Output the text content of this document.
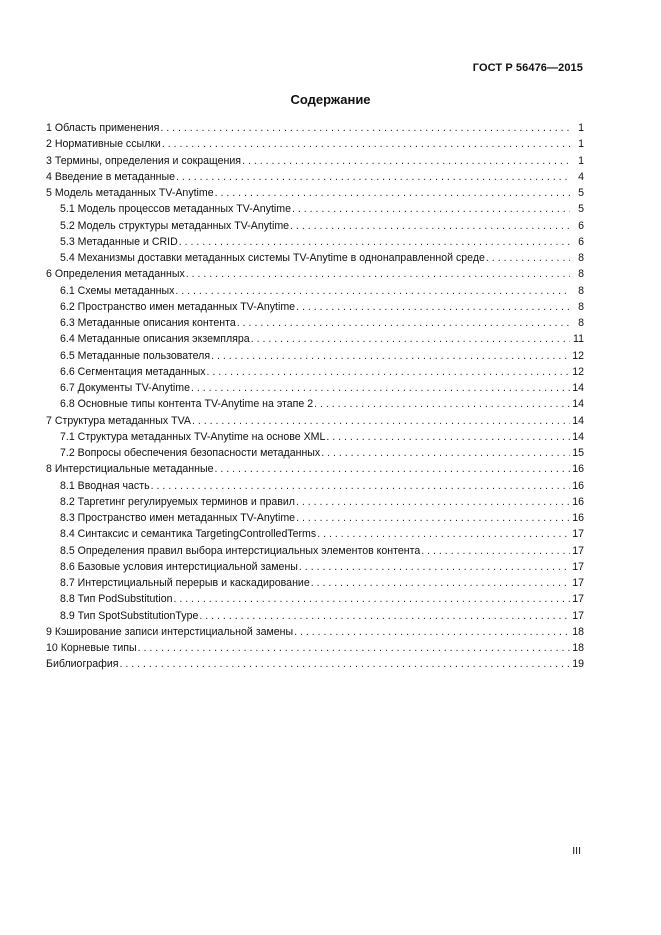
ГОСТ Р 56476—2015
Содержание
1 Область применения . . .	1
2 Нормативные ссылки . . .	1
3 Термины, определения и сокращения . . .	1
4 Введение в метаданные . . .	4
5 Модель метаданных TV-Anytime . . .	5
5.1 Модель процессов метаданных TV-Anytime . . .	5
5.2 Модель структуры метаданных TV-Anytime . . .	6
5.3 Метаданные и CRID . . .	6
5.4 Механизмы доставки метаданных системы TV-Anytime в однонаправленной среде . . .	8
6 Определения метаданных . . .	8
6.1 Схемы метаданных . . .	8
6.2 Пространство имен метаданных TV-Anytime . . .	8
6.3 Метаданные описания контента . . .	8
6.4 Метаданные описания экземпляра . . .	11
6.5 Метаданные пользователя . . .	12
6.6 Сегментация метаданных . . .	12
6.7 Документы TV-Anytime . . .	14
6.8 Основные типы контента TV-Anytime на этапе 2 . . .	14
7 Структура метаданных TVA . . .	14
7.1 Структура метаданных TV-Anytime на основе XML . . .	14
7.2 Вопросы обеспечения безопасности метаданных . . .	15
8 Интерстициальные метаданные . . .	16
8.1 Вводная часть . . .	16
8.2 Таргетинг регулируемых терминов и правил . . .	16
8.3 Пространство имен метаданных TV-Anytime . . .	16
8.4 Синтаксис и семантика TargetingControlledTerms . . .	17
8.5 Определения правил выбора интерстициальных элементов контента . . .	17
8.6 Базовые условия интерстициальной замены . . .	17
8.7 Интерстициальный перерыв и каскадирование . . .	17
8.8 Тип PodSubstitution . . .	17
8.9 Тип SpotSubstitutionType . . .	17
9 Кэширование записи интерстициальной замены . . .	18
10 Корневые типы . . .	18
Библиография . . .	19
III
